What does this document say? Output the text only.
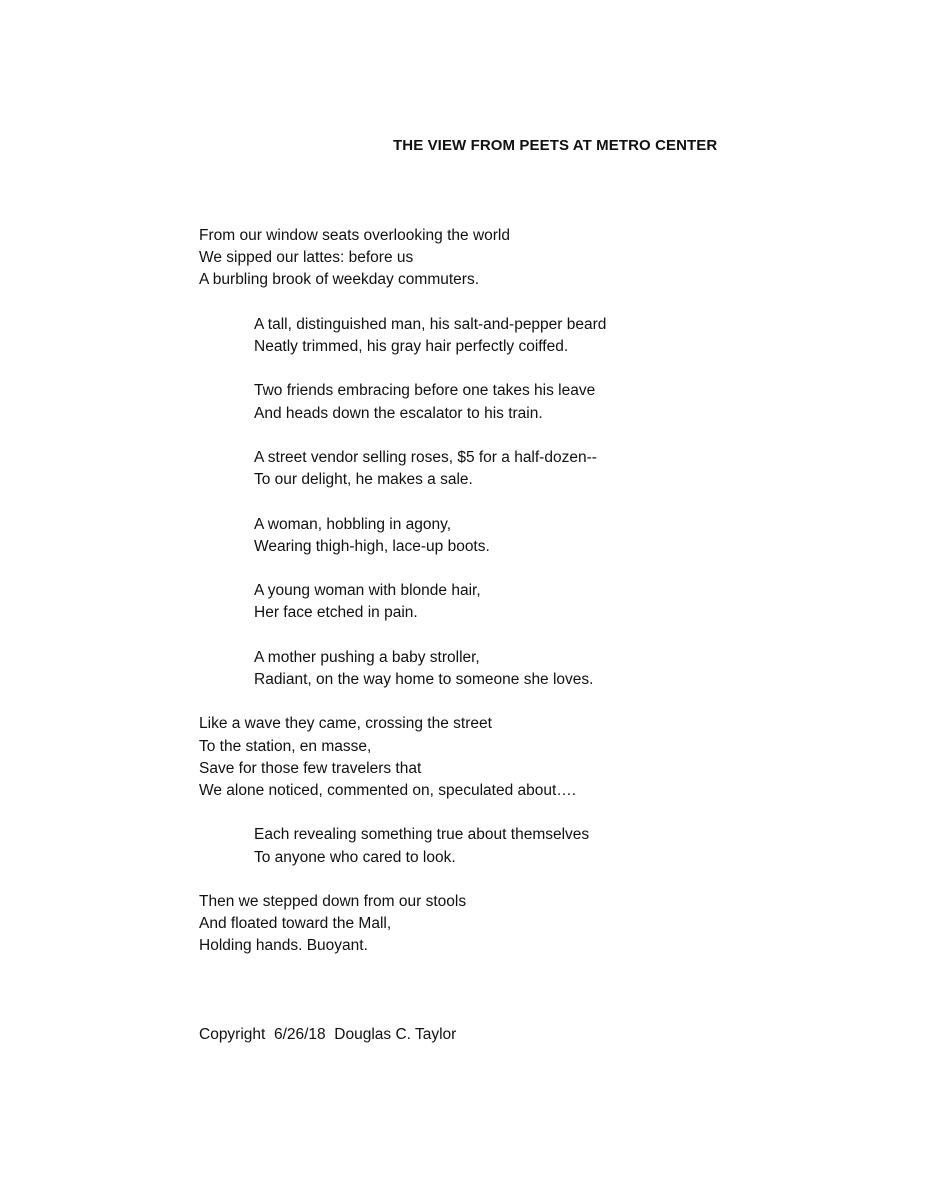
THE VIEW FROM PEETS AT METRO CENTER
From our window seats overlooking the world
We sipped our lattes: before us
A burbling brook of weekday commuters.
A tall, distinguished man, his salt-and-pepper beard
Neatly trimmed, his gray hair perfectly coiffed.
Two friends embracing before one takes his leave
And heads down the escalator to his train.
A street vendor selling roses, $5 for a half-dozen--
To our delight, he makes a sale.
A woman, hobbling in agony,
Wearing thigh-high, lace-up boots.
A young woman with blonde hair,
Her face etched in pain.
A mother pushing a baby stroller,
Radiant, on the way home to someone she loves.
Like a wave they came, crossing the street
To the station, en masse,
Save for those few travelers that
We alone noticed, commented on, speculated about….
Each revealing something true about themselves
To anyone who cared to look.
Then we stepped down from our stools
And floated toward the Mall,
Holding hands. Buoyant.
Copyright  6/26/18  Douglas C. Taylor
